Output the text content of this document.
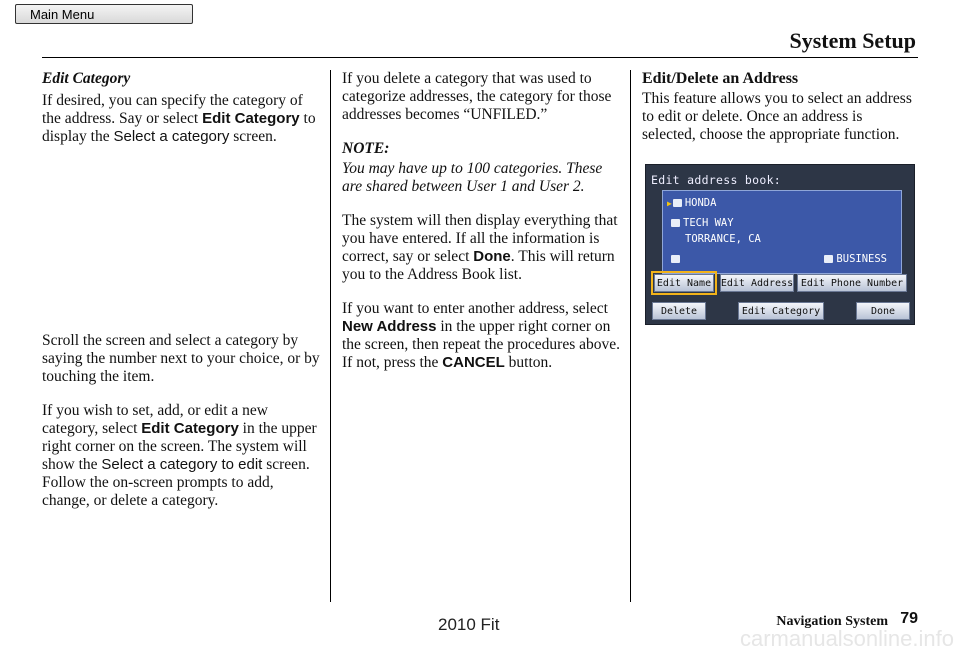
Main Menu
System Setup
Edit Category

If desired, you can specify the category of the address. Say or select Edit Category to display the Select a category screen.

Scroll the screen and select a category by saying the number next to your choice, or by touching the item.

If you wish to set, add, or edit a new category, select Edit Category in the upper right corner on the screen. The system will show the Select a category to edit screen. Follow the on-screen prompts to add, change, or delete a category.

If you delete a category that was used to categorize addresses, the category for those addresses becomes “UNFILED.”

NOTE:

You may have up to 100 categories. These are shared between User 1 and User 2.

The system will then display everything that you have entered. If all the information is correct, say or select Done. This will return you to the Address Book list.

If you want to enter another address, select New Address in the upper right corner on the screen, then repeat the procedures above. If not, press the CANCEL button.

Edit/Delete an Address

This feature allows you to select an address to edit or delete. Once an address is selected, choose the appropriate function.

Edit address book:
▶ HONDA
TECH WAY
TORRANCE, CA
BUSINESS
Edit Name Edit Address Edit Phone Number
Delete	Edit Category	Done
Navigation System 79
2010 Fit
carmanualsonline.info
